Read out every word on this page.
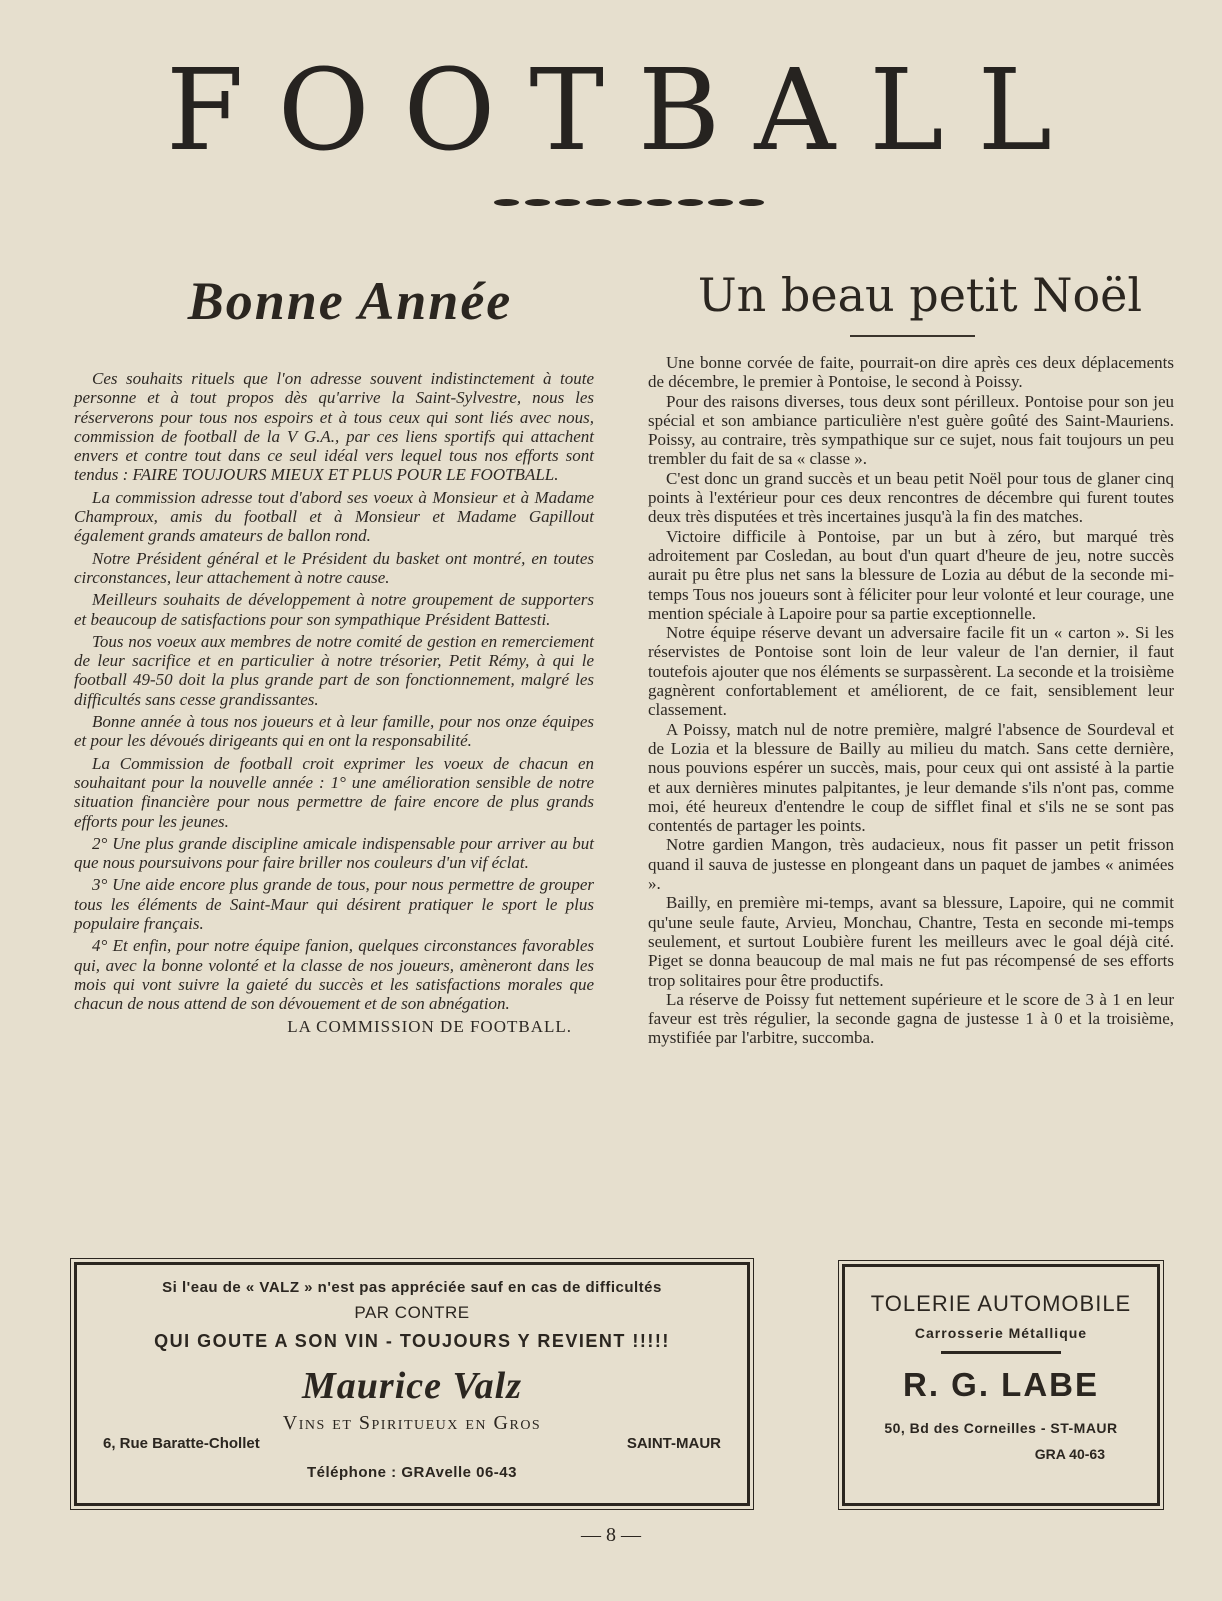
FOOTBALL
Bonne Année	Un beau petit Noël

Ces souhaits rituels que l'on adresse souvent indistinctement à toute personne et à tout propos dès qu'arrive la Saint-Sylvestre, nous les réserverons pour tous nos espoirs et à tous ceux qui sont liés avec nous, commission de football de la V G.A., par ces liens sportifs qui attachent envers et contre tout dans ce seul idéal vers lequel tous nos efforts sont tendus : FAIRE TOUJOURS MIEUX ET PLUS POUR LE FOOTBALL.

La commission adresse tout d'abord ses voeux à Monsieur et à Madame Champroux, amis du football et à Monsieur et Madame Gapillout également grands amateurs de ballon rond.

Notre Président général et le Président du basket ont montré, en toutes circonstances, leur attachement à notre cause.

Meilleurs souhaits de développement à notre groupement de supporters et beaucoup de satisfactions pour son sympathique Président Battesti.

Tous nos voeux aux membres de notre comité de gestion en remerciement de leur sacrifice et en particulier à notre trésorier, Petit Rémy, à qui le football 49-50 doit la plus grande part de son fonctionnement, malgré les difficultés sans cesse grandissantes.

Bonne année à tous nos joueurs et à leur famille, pour nos onze équipes et pour les dévoués dirigeants qui en ont la responsabilité.

La Commission de football croit exprimer les voeux de chacun en souhaitant pour la nouvelle année : 1° une amélioration sensible de notre situation financière pour nous permettre de faire encore de plus grands efforts pour les jeunes.

2° Une plus grande discipline amicale indispensable pour arriver au but que nous poursuivons pour faire briller nos couleurs d'un vif éclat.

3° Une aide encore plus grande de tous, pour nous permettre de grouper tous les éléments de Saint-Maur qui désirent pratiquer le sport le plus populaire français.

4° Et enfin, pour notre équipe fanion, quelques circonstances favorables qui, avec la bonne volonté et la classe de nos joueurs, amèneront dans les mois qui vont suivre la gaieté du succès et les satisfactions morales que chacun de nous attend de son dévouement et de son abnégation.

LA COMMISSION DE FOOTBALL.

Une bonne corvée de faite, pourrait-on dire après ces deux déplacements de décembre, le premier à Pontoise, le second à Poissy.

Pour des raisons diverses, tous deux sont périlleux. Pontoise pour son jeu spécial et son ambiance particulière n'est guère goûté des Saint-Mauriens. Poissy, au contraire, très sympathique sur ce sujet, nous fait toujours un peu trembler du fait de sa « classe ».

C'est donc un grand succès et un beau petit Noël pour tous de glaner cinq points à l'extérieur pour ces deux rencontres de décembre qui furent toutes deux très disputées et très incertaines jusqu'à la fin des matches.

Victoire difficile à Pontoise, par un but à zéro, but marqué très adroitement par Cosledan, au bout d'un quart d'heure de jeu, notre succès aurait pu être plus net sans la blessure de Lozia au début de la seconde mi-temps Tous nos joueurs sont à féliciter pour leur volonté et leur courage, une mention spéciale à Lapoire pour sa partie exceptionnelle.

Notre équipe réserve devant un adversaire facile fit un « carton ». Si les réservistes de Pontoise sont loin de leur valeur de l'an dernier, il faut toutefois ajouter que nos éléments se surpassèrent. La seconde et la troisième gagnèrent confortablement et améliorent, de ce fait, sensiblement leur classement.

A Poissy, match nul de notre première, malgré l'absence de Sourdeval et de Lozia et la blessure de Bailly au milieu du match. Sans cette dernière, nous pouvions espérer un succès, mais, pour ceux qui ont assisté à la partie et aux dernières minutes palpitantes, je leur demande s'ils n'ont pas, comme moi, été heureux d'entendre le coup de sifflet final et s'ils ne se sont pas contentés de partager les points.

Notre gardien Mangon, très audacieux, nous fit passer un petit frisson quand il sauva de justesse en plongeant dans un paquet de jambes « animées ».

Bailly, en première mi-temps, avant sa blessure, Lapoire, qui ne commit qu'une seule faute, Arvieu, Monchau, Chantre, Testa en seconde mi-temps seulement, et surtout Loubière furent les meilleurs avec le goal déjà cité. Piget se donna beaucoup de mal mais ne fut pas récompensé de ses efforts trop solitaires pour être productifs.

La réserve de Poissy fut nettement supérieure et le score de 3 à 1 en leur faveur est très régulier, la seconde gagna de justesse 1 à 0 et la troisième, mystifiée par l'arbitre, succomba.

Si l'eau de « VALZ » n'est pas appréciée sauf en cas de difficultés
PAR CONTRE
QUI GOUTE A SON VIN - TOUJOURS Y REVIENT !!!!!
Maurice Valz
Vins et Spiritueux en Gros
6, Rue Baratte-Chollet	SAINT-MAUR
Téléphone : GRAvelle 06-43
TOLERIE AUTOMOBILE
Carrosserie Métallique
R. G. LABE
50, Bd des Corneilles - ST-MAUR
GRA 40-63
— 8 —
